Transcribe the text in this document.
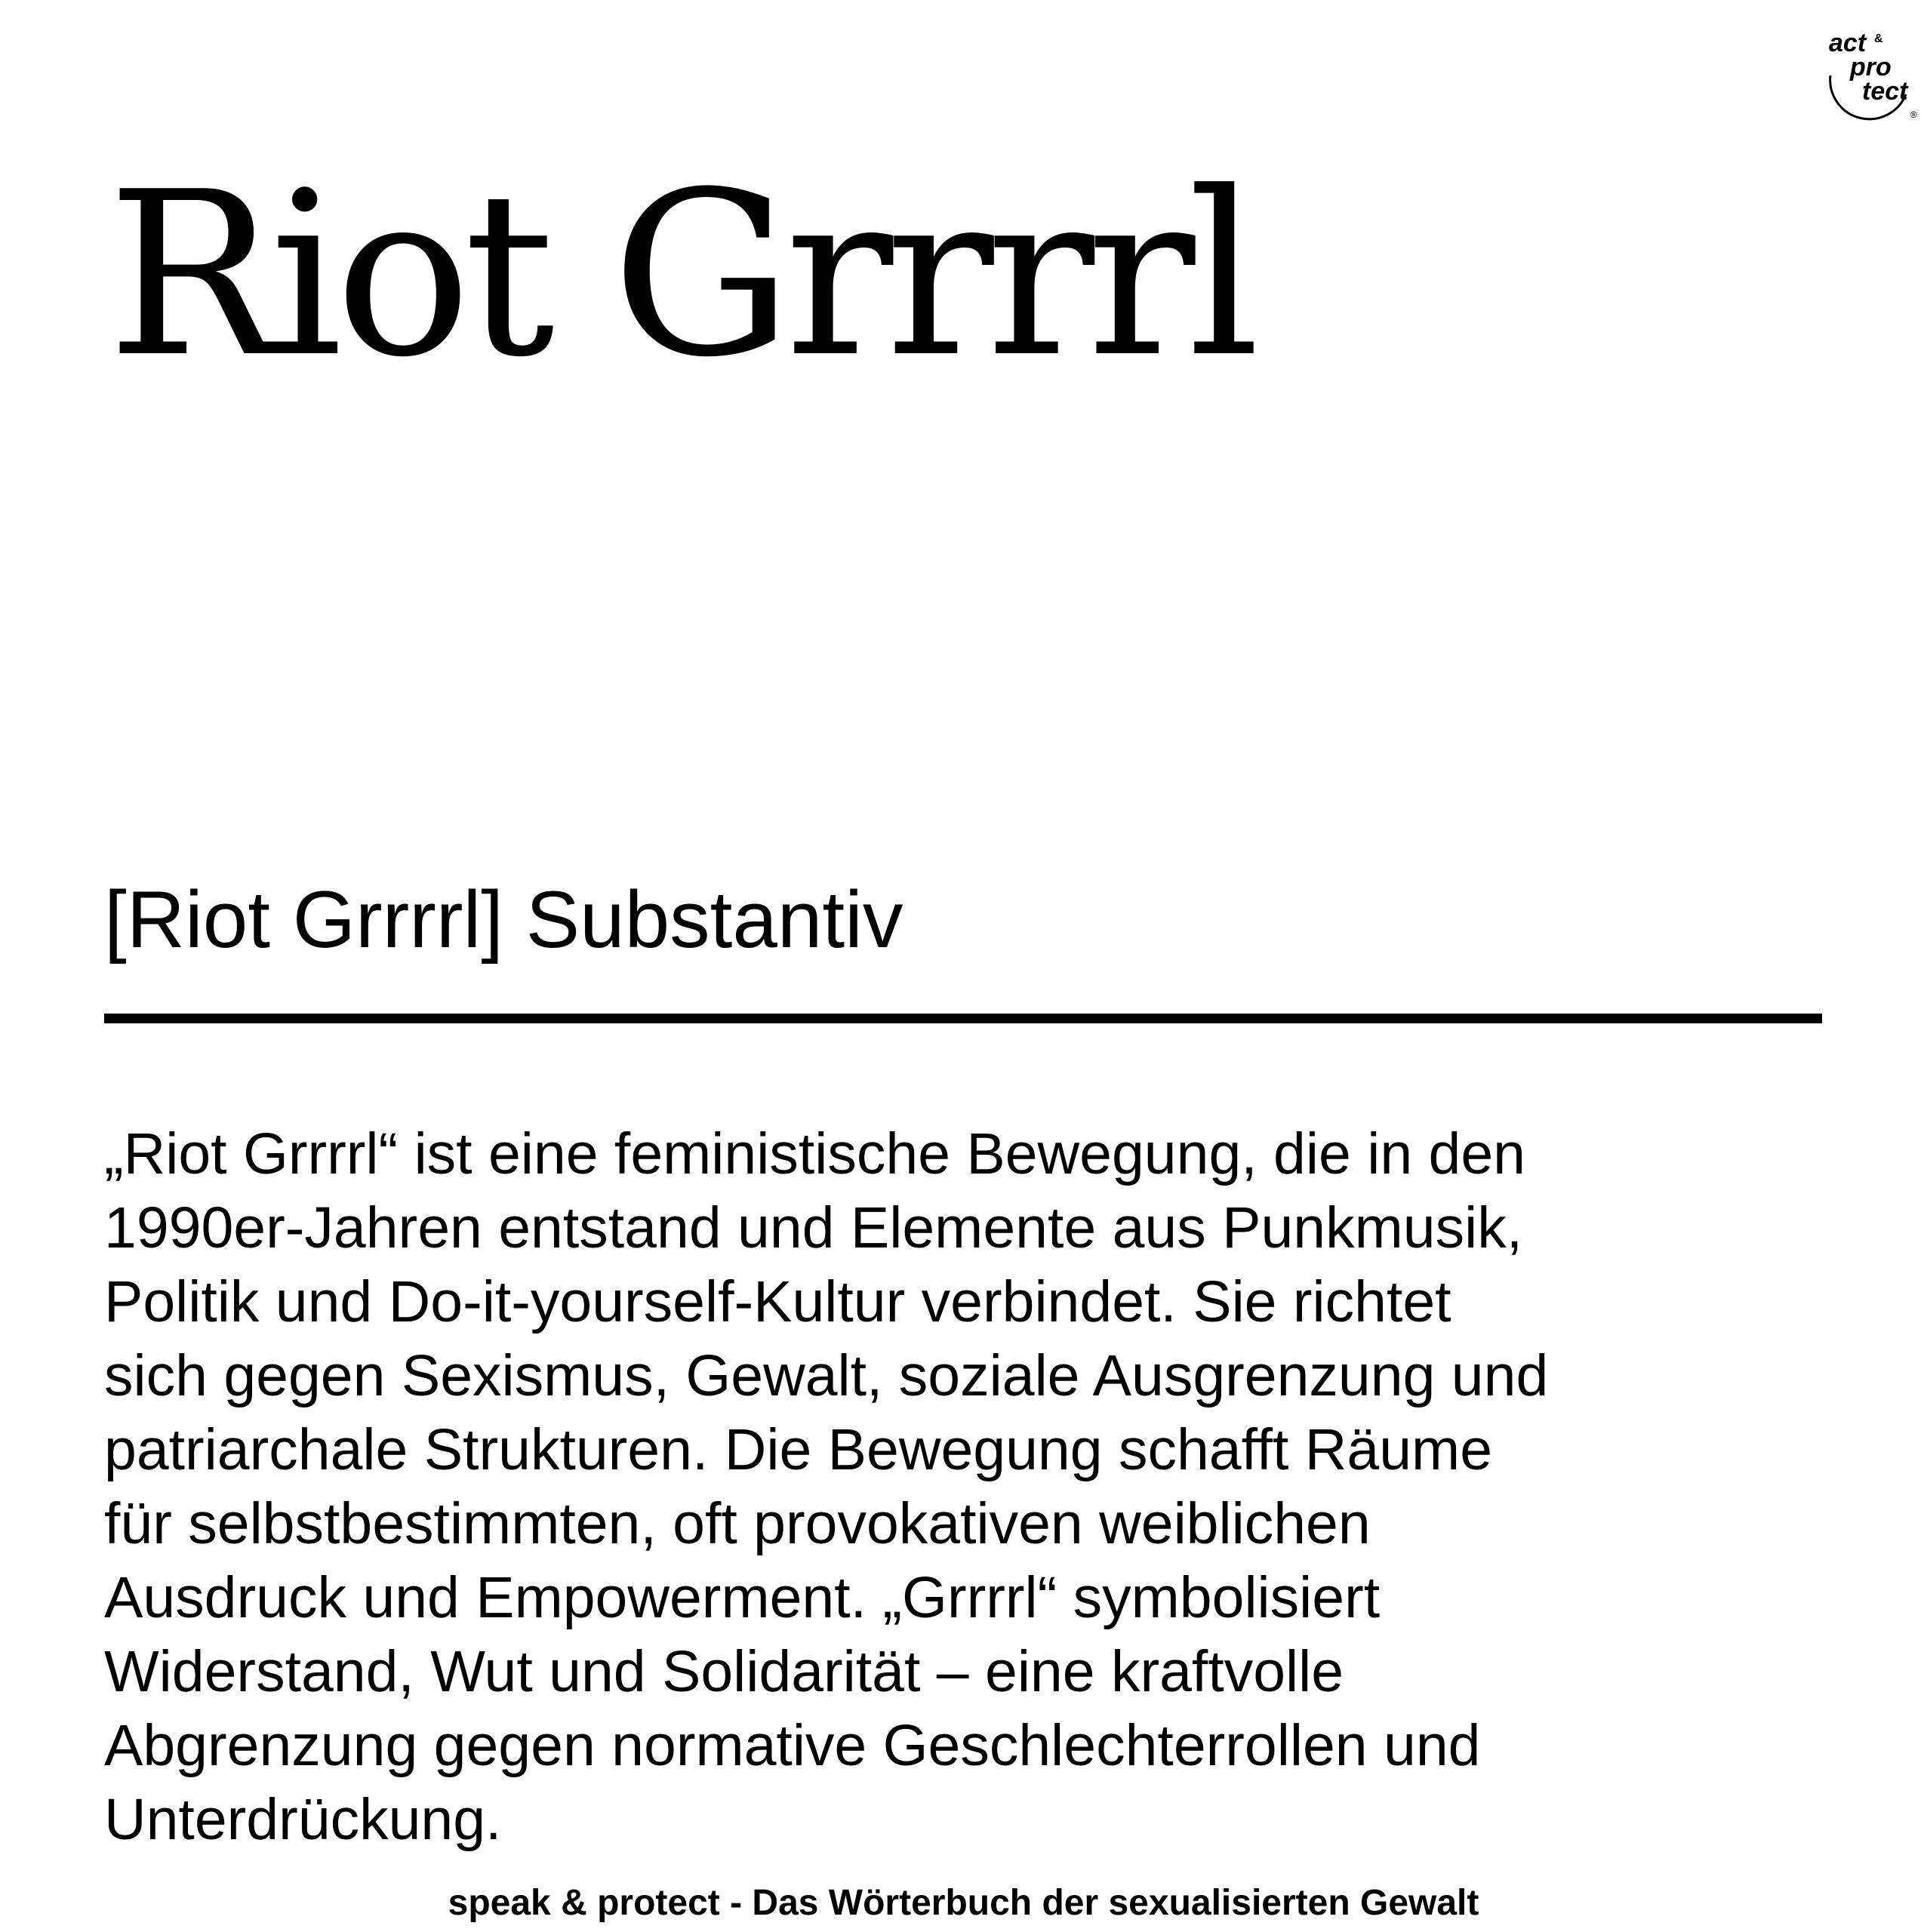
act &
pro
tect
®
Riot Grrrrl

[Riot Grrrrl] Substantiv

„Riot Grrrrl“ ist eine feministische Bewegung, die in den
1990er-Jahren entstand und Elemente aus Punkmusik,
Politik und Do-it-yourself-Kultur verbindet. Sie richtet
sich gegen Sexismus, Gewalt, soziale Ausgrenzung und
patriarchale Strukturen. Die Bewegung schafft Räume
für selbstbestimmten, oft provokativen weiblichen
Ausdruck und Empowerment. „Grrrrl“ symbolisiert
Widerstand, Wut und Solidarität – eine kraftvolle
Abgrenzung gegen normative Geschlechterrollen und
Unterdrückung.

speak & protect - Das Wörterbuch der sexualisierten Gewalt
